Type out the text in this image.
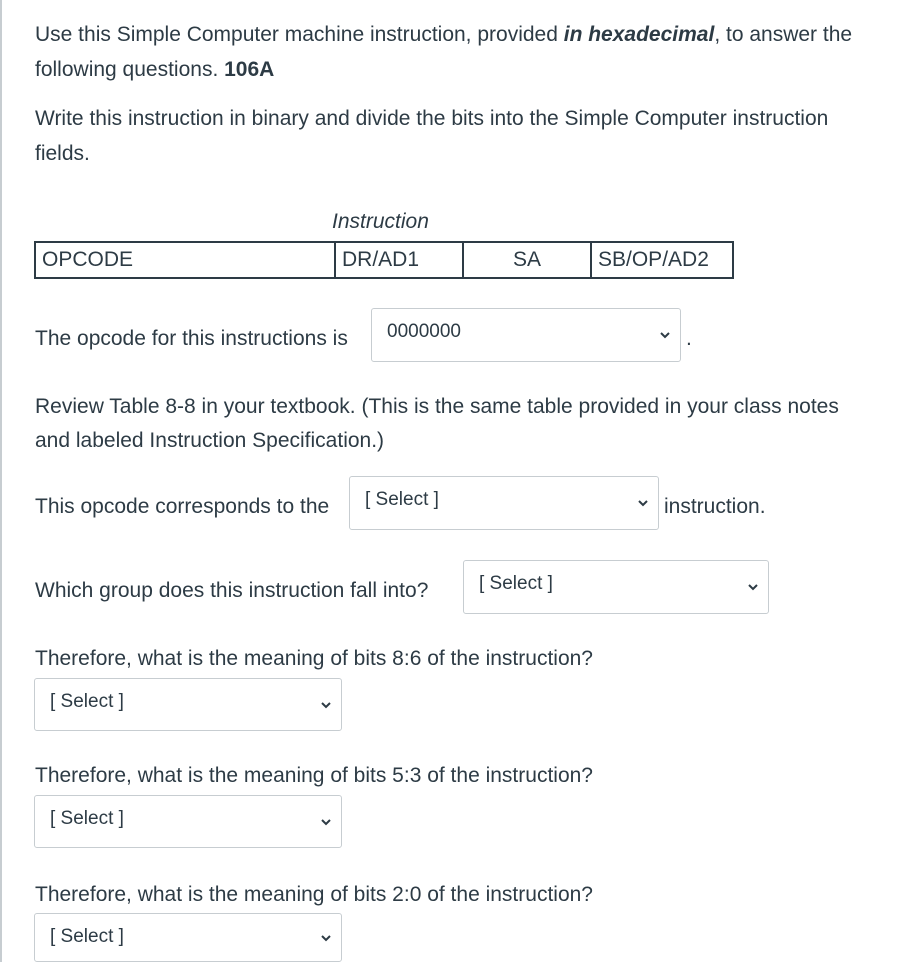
Use this Simple Computer machine instruction, provided in hexadecimal, to answer the
following questions. 106A
Write this instruction in binary and divide the bits into the Simple Computer instruction
fields.
Instruction
OPCODE	DR/AD1	SA	SB/OP/AD2
The opcode for this instructions is 0000000	.
Review Table 8-8 in your textbook. (This is the same table provided in your class notes
and labeled Instruction Specification.)
This opcode corresponds to the [ Select ]	instruction.
Which group does this instruction fall into?	[ Select ]
Therefore, what is the meaning of bits 8:6 of the instruction?
[ Select ]
Therefore, what is the meaning of bits 5:3 of the instruction?
[ Select ]
Therefore, what is the meaning of bits 2:0 of the instruction?
[ Select ]
